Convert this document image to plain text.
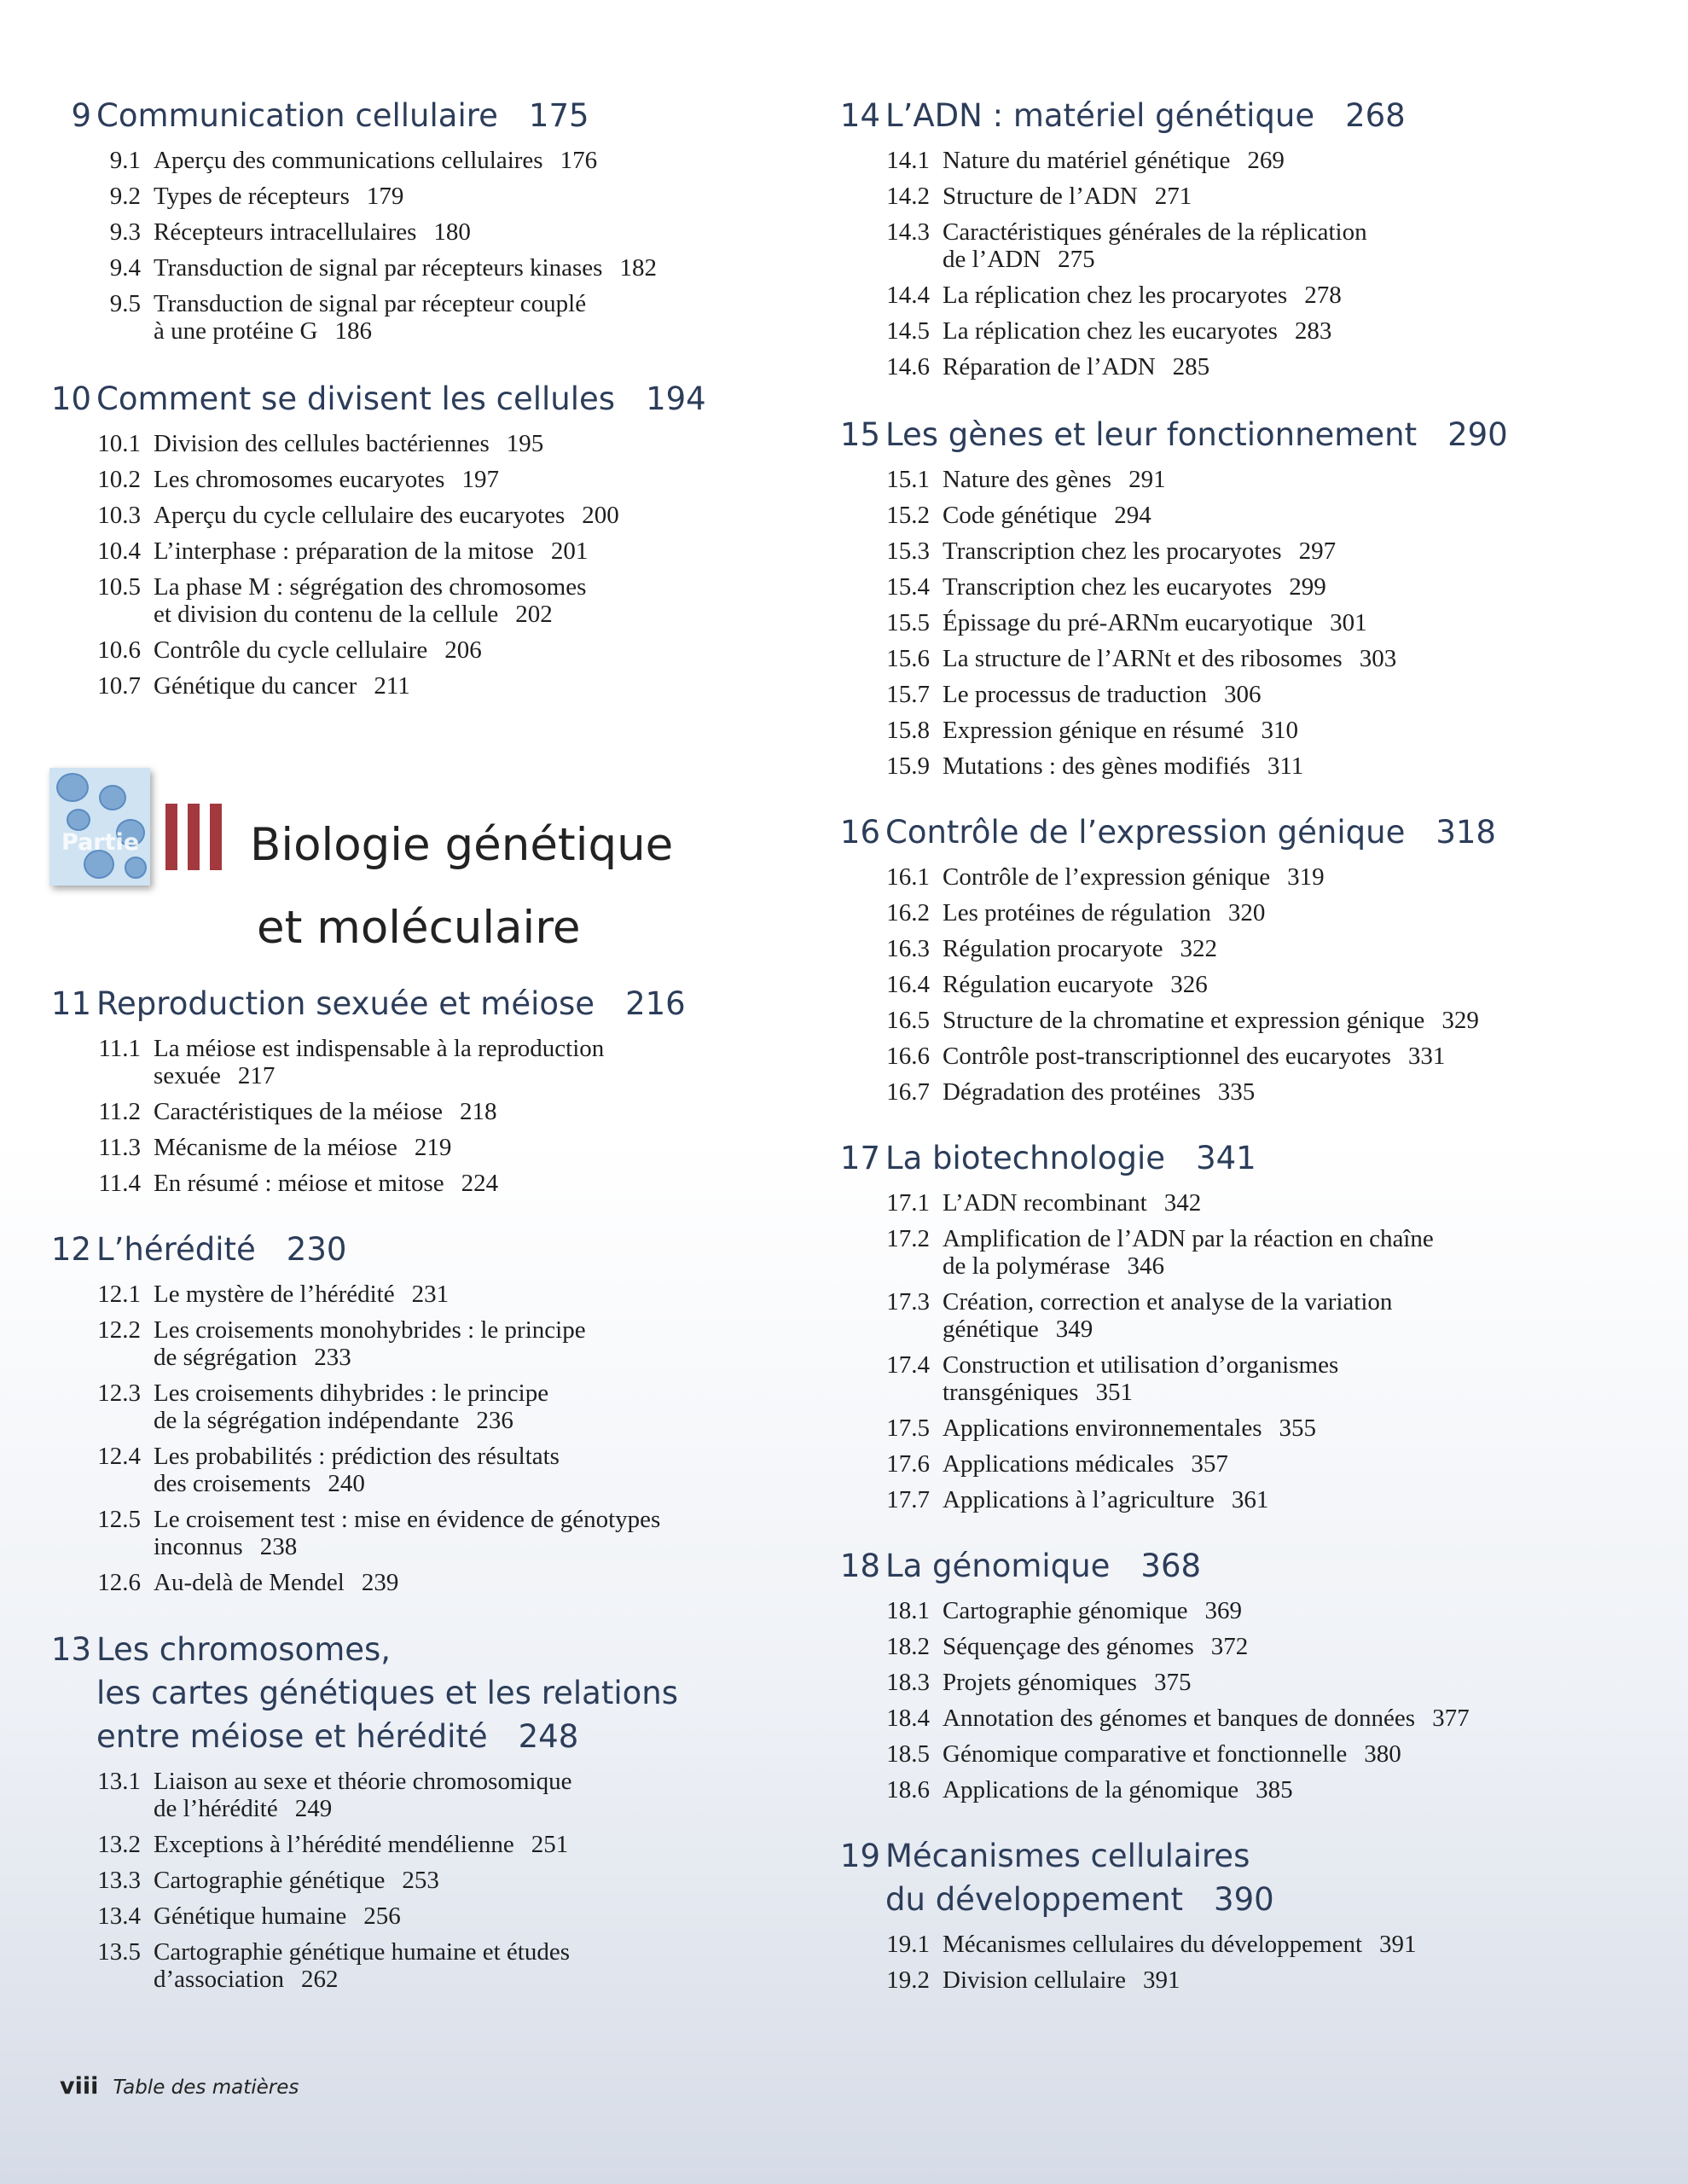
9 Communication cellulaire 175
9.1 Aperçu des communications cellulaires 176
9.2 Types de récepteurs 179
9.3 Récepteurs intracellulaires 180
9.4 Transduction de signal par récepteurs kinases 182
9.5 Transduction de signal par récepteur couplé
à une protéine G 186
10 Comment se divisent les cellules 194
10.1 Division des cellules bactériennes 195
10.2 Les chromosomes eucaryotes 197
10.3 Aperçu du cycle cellulaire des eucaryotes 200
10.4 L’interphase : préparation de la mitose 201
10.5 La phase M : ségrégation des chromosomes
et division du contenu de la cellule 202
10.6 Contrôle du cycle cellulaire 206
10.7 Génétique du cancer 211
Partie Biologie génétique
et moléculaire
11 Reproduction sexuée et méiose 216
11.1 La méiose est indispensable à la reproduction
sexuée 217
11.2 Caractéristiques de la méiose 218
11.3 Mécanisme de la méiose 219
11.4 En résumé : méiose et mitose 224
12 L’hérédité 230
12.1 Le mystère de l’hérédité 231
12.2 Les croisements monohybrides : le principe
de ségrégation 233
12.3 Les croisements dihybrides : le principe
de la ségrégation indépendante 236
12.4 Les probabilités : prédiction des résultats
des croisements 240
12.5 Le croisement test : mise en évidence de génotypes
inconnus 238
12.6 Au-delà de Mendel 239
13 Les chromosomes,
les cartes génétiques et les relations
entre méiose et hérédité 248
13.1 Liaison au sexe et théorie chromosomique
de l’hérédité 249
13.2 Exceptions à l’hérédité mendélienne 251
13.3 Cartographie génétique 253
13.4 Génétique humaine 256
13.5 Cartographie génétique humaine et études
d’association 262
14 L’ADN : matériel génétique 268
14.1 Nature du matériel génétique 269
14.2 Structure de l’ADN 271
14.3 Caractéristiques générales de la réplication
de l’ADN 275
14.4 La réplication chez les procaryotes 278
14.5 La réplication chez les eucaryotes 283
14.6 Réparation de l’ADN 285
15 Les gènes et leur fonctionnement 290
15.1 Nature des gènes 291
15.2 Code génétique 294
15.3 Transcription chez les procaryotes 297
15.4 Transcription chez les eucaryotes 299
15.5 Épissage du pré-ARNm eucaryotique 301
15.6 La structure de l’ARNt et des ribosomes 303
15.7 Le processus de traduction 306
15.8 Expression génique en résumé 310
15.9 Mutations : des gènes modifiés 311
16 Contrôle de l’expression génique 318
16.1 Contrôle de l’expression génique 319
16.2 Les protéines de régulation 320
16.3 Régulation procaryote 322
16.4 Régulation eucaryote 326
16.5 Structure de la chromatine et expression génique 329
16.6 Contrôle post-transcriptionnel des eucaryotes 331
16.7 Dégradation des protéines 335
17 La biotechnologie 341
17.1 L’ADN recombinant 342
17.2 Amplification de l’ADN par la réaction en chaîne
de la polymérase 346
17.3 Création, correction et analyse de la variation
génétique 349
17.4 Construction et utilisation d’organismes
transgéniques 351
17.5 Applications environnementales 355
17.6 Applications médicales 357
17.7 Applications à l’agriculture 361
18 La génomique 368
18.1 Cartographie génomique 369
18.2 Séquençage des génomes 372
18.3 Projets génomiques 375
18.4 Annotation des génomes et banques de données 377
18.5 Génomique comparative et fonctionnelle 380
18.6 Applications de la génomique 385
19 Mécanismes cellulaires
du développement 390
19.1 Mécanismes cellulaires du développement 391
19.2 Division cellulaire 391
viii Table des matières
